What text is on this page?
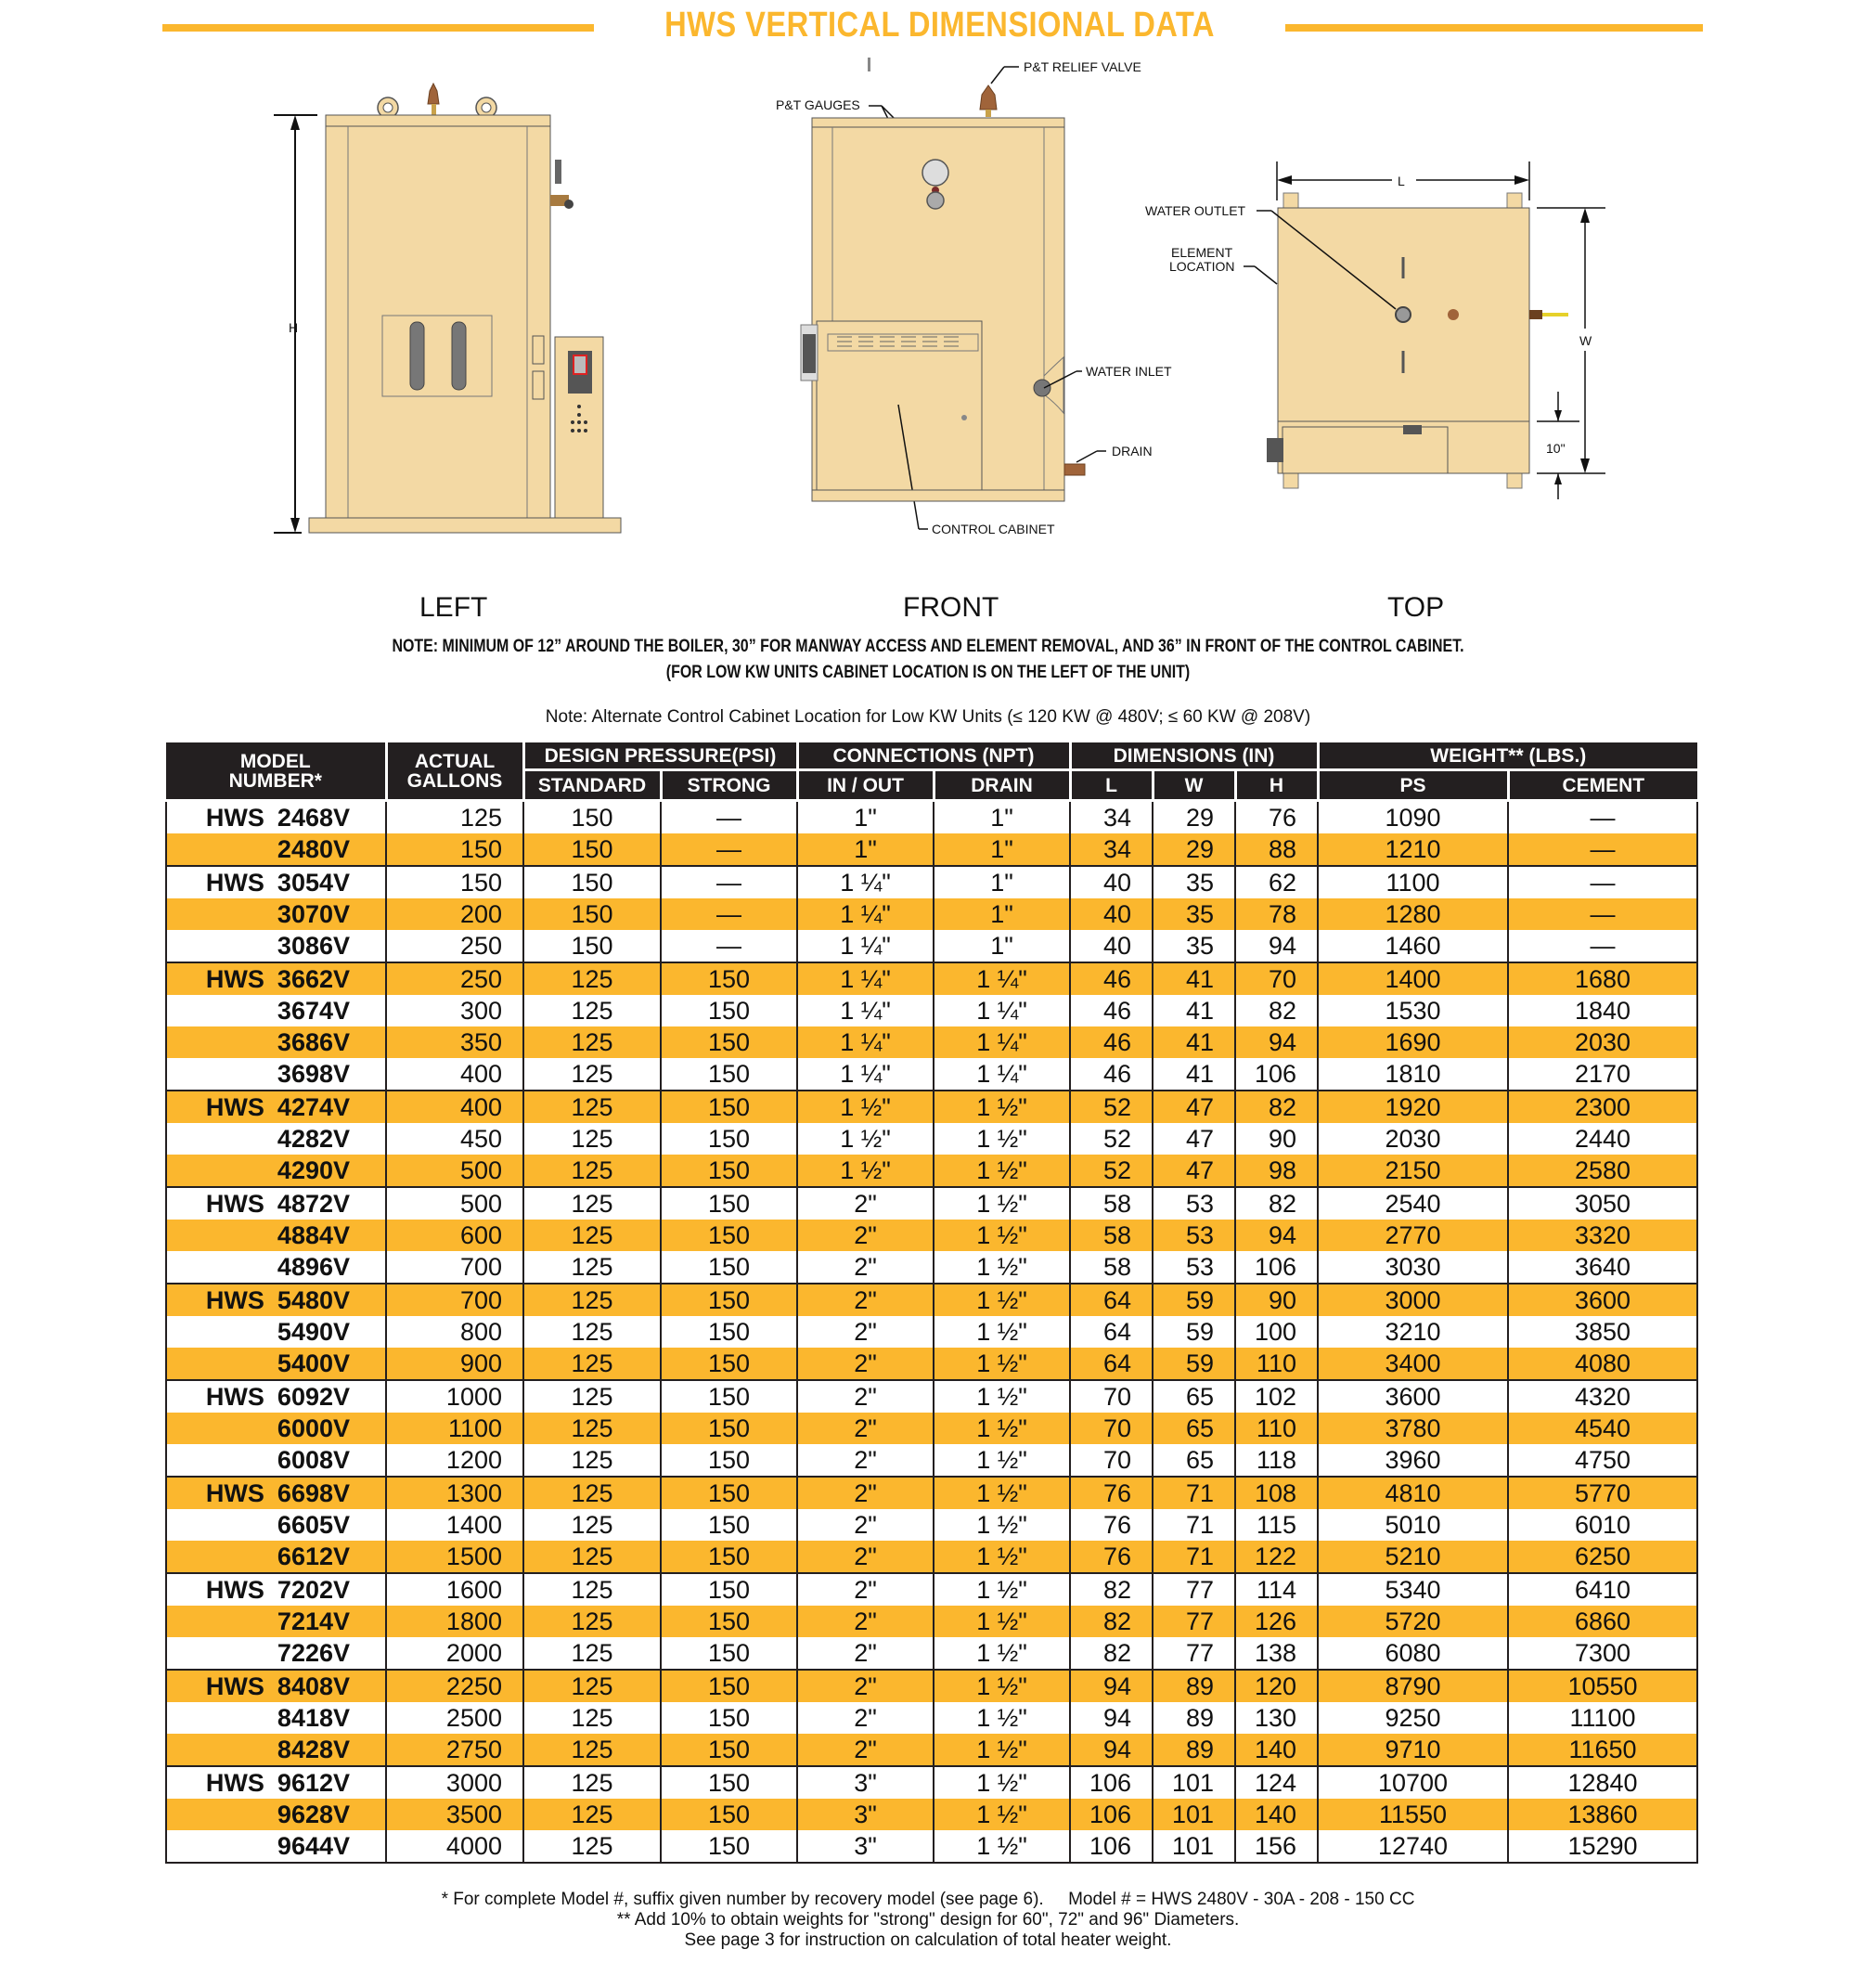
HWS VERTICAL DIMENSIONAL DATA
H
P&T RELIEF VALVE
P&T GAUGES
WATER INLET
DRAIN
CONTROL CABINET
L
WATER OUTLET
ELEMENT
LOCATION
W
10"
LEFT	FRONT	TOP
NOTE: MINIMUM OF 12” AROUND THE BOILER, 30” FOR MANWAY ACCESS AND ELEMENT REMOVAL, AND 36” IN FRONT OF THE CONTROL CABINET.
(FOR LOW KW UNITS CABINET LOCATION IS ON THE LEFT OF THE UNIT)
Note: Alternate Control Cabinet Location for Low KW Units (≤ 120 KW @ 480V; ≤ 60 KW @ 208V)
MODEL
NUMBER*	ACTUAL
GALLONS	DESIGN PRESSURE(PSI)		CONNECTIONS (NPT)		DIMENSIONS (IN)			WEIGHT** (LBS.)	
		STANDARD	STRONG	IN / OUT	DRAIN	L	W	H	PS	CEMENT
HWS 2468V	125	150	—	1"	1"	34	29	76	1090	—
2480V	150	150	—	1"	1"	34	29	88	1210	—
HWS 3054V	150	150	—	1 ¼"	1"	40	35	62	1100	—
3070V	200	150	—	1 ¼"	1"	40	35	78	1280	—
3086V	250	150	—	1 ¼"	1"	40	35	94	1460	—
HWS 3662V	250	125	150	1 ¼"	1 ¼"	46	41	70	1400	1680
3674V	300	125	150	1 ¼"	1 ¼"	46	41	82	1530	1840
3686V	350	125	150	1 ¼"	1 ¼"	46	41	94	1690	2030
3698V	400	125	150	1 ¼"	1 ¼"	46	41	106	1810	2170
HWS 4274V	400	125	150	1 ½"	1 ½"	52	47	82	1920	2300
4282V	450	125	150	1 ½"	1 ½"	52	47	90	2030	2440
4290V	500	125	150	1 ½"	1 ½"	52	47	98	2150	2580
HWS 4872V	500	125	150	2"	1 ½"	58	53	82	2540	3050
4884V	600	125	150	2"	1 ½"	58	53	94	2770	3320
4896V	700	125	150	2"	1 ½"	58	53	106	3030	3640
HWS 5480V	700	125	150	2"	1 ½"	64	59	90	3000	3600
5490V	800	125	150	2"	1 ½"	64	59	100	3210	3850
5400V	900	125	150	2"	1 ½"	64	59	110	3400	4080
HWS 6092V	1000	125	150	2"	1 ½"	70	65	102	3600	4320
6000V	1100	125	150	2"	1 ½"	70	65	110	3780	4540
6008V	1200	125	150	2"	1 ½"	70	65	118	3960	4750
HWS 6698V	1300	125	150	2"	1 ½"	76	71	108	4810	5770
6605V	1400	125	150	2"	1 ½"	76	71	115	5010	6010
6612V	1500	125	150	2"	1 ½"	76	71	122	5210	6250
HWS 7202V	1600	125	150	2"	1 ½"	82	77	114	5340	6410
7214V	1800	125	150	2"	1 ½"	82	77	126	5720	6860
7226V	2000	125	150	2"	1 ½"	82	77	138	6080	7300
HWS 8408V	2250	125	150	2"	1 ½"	94	89	120	8790	10550
8418V	2500	125	150	2"	1 ½"	94	89	130	9250	11100
8428V	2750	125	150	2"	1 ½"	94	89	140	9710	11650
HWS 9612V	3000	125	150	3"	1 ½"	106	101	124	10700	12840
9628V	3500	125	150	3"	1 ½"	106	101	140	11550	13860
9644V	4000	125	150	3"	1 ½"	106	101	156	12740	15290
* For complete Model #, suffix given number by recovery model (see page 6).     Model # = HWS 2480V - 30A - 208 - 150 CC
** Add 10% to obtain weights for "strong" design for 60", 72" and 96" Diameters.
See page 3 for instruction on calculation of total heater weight.
